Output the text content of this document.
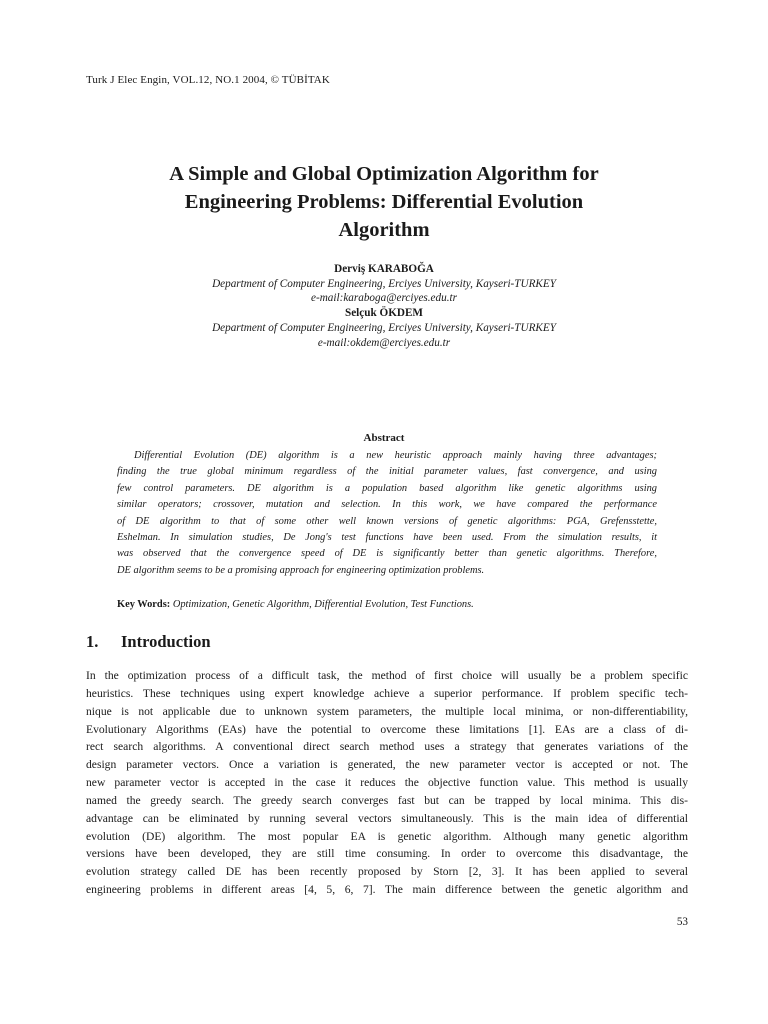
Turk J Elec Engin, VOL.12, NO.1 2004, © TÜBİTAK
A Simple and Global Optimization Algorithm for
Engineering Problems: Differential Evolution
Algorithm
Derviş KARABOĞA
Department of Computer Engineering, Erciyes University, Kayseri-TURKEY
e-mail:karaboga@erciyes.edu.tr
Selçuk ÖKDEM
Department of Computer Engineering, Erciyes University, Kayseri-TURKEY
e-mail:okdem@erciyes.edu.tr
Abstract
Differential Evolution (DE) algorithm is a new heuristic approach mainly having three advantages;
finding the true global minimum regardless of the initial parameter values, fast convergence, and using
few control parameters. DE algorithm is a population based algorithm like genetic algorithms using
similar operators; crossover, mutation and selection. In this work, we have compared the performance
of DE algorithm to that of some other well known versions of genetic algorithms: PGA, Grefensstette,
Eshelman. In simulation studies, De Jong's test functions have been used. From the simulation results, it
was observed that the convergence speed of DE is significantly better than genetic algorithms. Therefore,
DE algorithm seems to be a promising approach for engineering optimization problems.
Key Words: Optimization, Genetic Algorithm, Differential Evolution, Test Functions.
1. Introduction
In the optimization process of a difficult task, the method of first choice will usually be a problem specific
heuristics. These techniques using expert knowledge achieve a superior performance. If problem specific tech-
nique is not applicable due to unknown system parameters, the multiple local minima, or non-differentiability,
Evolutionary Algorithms (EAs) have the potential to overcome these limitations [1]. EAs are a class of di-
rect search algorithms. A conventional direct search method uses a strategy that generates variations of the
design parameter vectors. Once a variation is generated, the new parameter vector is accepted or not. The
new parameter vector is accepted in the case it reduces the objective function value. This method is usually
named the greedy search. The greedy search converges fast but can be trapped by local minima. This dis-
advantage can be eliminated by running several vectors simultaneously. This is the main idea of differential
evolution (DE) algorithm. The most popular EA is genetic algorithm. Although many genetic algorithm
versions have been developed, they are still time consuming. In order to overcome this disadvantage, the
evolution strategy called DE has been recently proposed by Storn [2, 3]. It has been applied to several
engineering problems in different areas [4, 5, 6, 7]. The main difference between the genetic algorithm and
53
